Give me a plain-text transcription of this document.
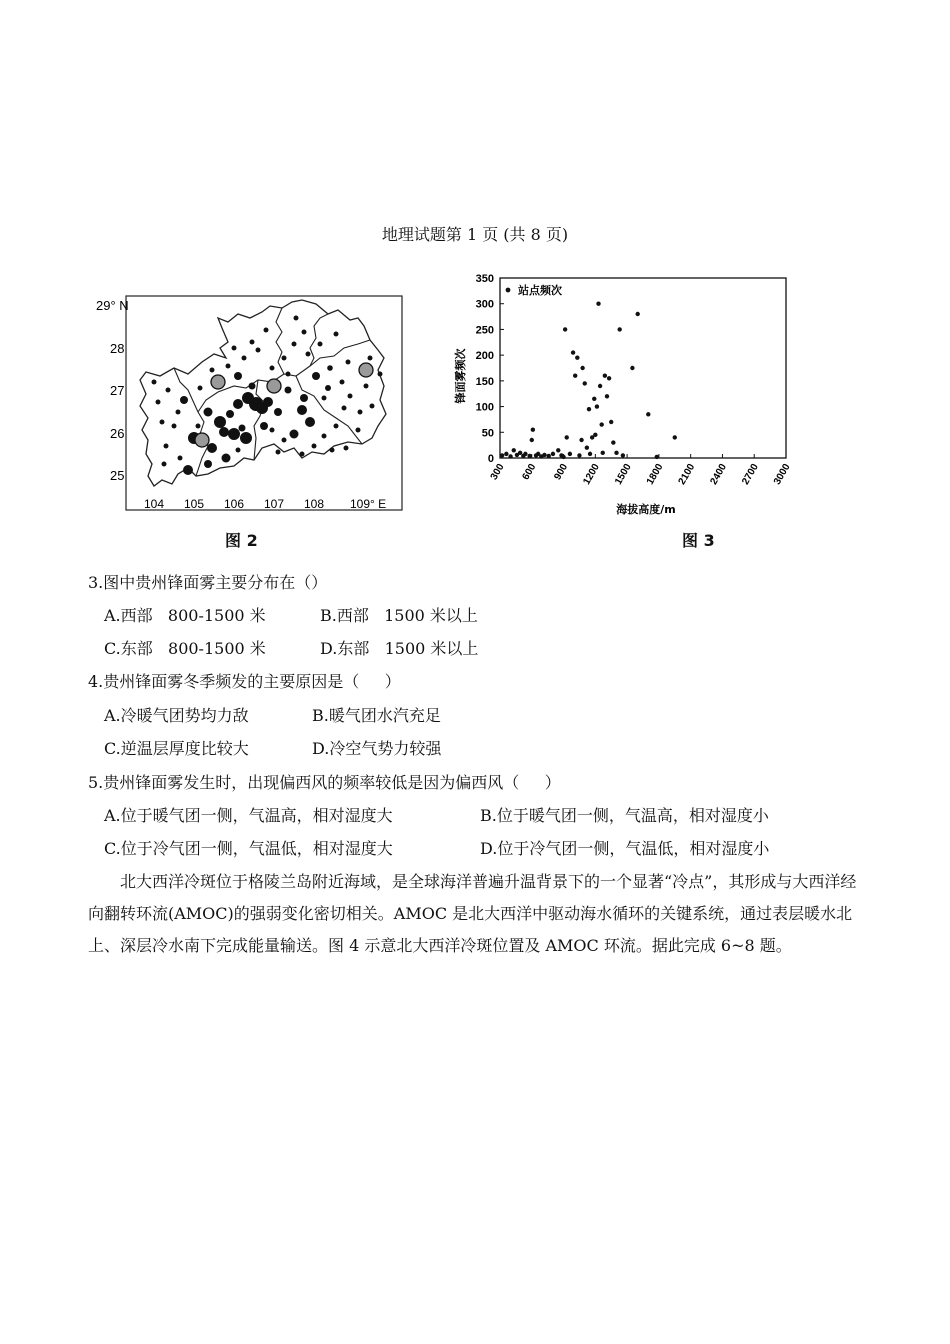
地理试题第 1 页 (共 8 页)
29° N
28
27
26
25
104 105 106 107 108 109° E
图 2
锋面雾频次
海拔高度/m
站点频次
0
50
100
150
200
250
300
350
300 600 900 1200 1500 1800 2100 2400 2700 3000
图 3
3.图中贵州锋面雾主要分布在（）
A.西部   800-1500 米	B.西部   1500 米以上
C.东部   800-1500 米	D.东部   1500 米以上
4.贵州锋面雾冬季频发的主要原因是（     ）
A.冷暖气团势均力敌	B.暖气团水汽充足
C.逆温层厚度比较大	D.冷空气势力较强
5.贵州锋面雾发生时，出现偏西风的频率较低是因为偏西风（     ）
A.位于暖气团一侧，气温高，相对湿度大	B.位于暖气团一侧，气温高，相对湿度小
C.位于冷气团一侧，气温低，相对湿度大	D.位于冷气团一侧，气温低，相对湿度小
北大西洋冷斑位于格陵兰岛附近海域，是全球海洋普遍升温背景下的一个显著“冷点”，其形成与大西洋经向翻转环流(AMOC)的强弱变化密切相关。AMOC 是北大西洋中驱动海水循环的关键系统，通过表层暖水北上、深层冷水南下完成能量输送。图 4 示意北大西洋冷斑位置及 AMOC 环流。据此完成 6~8 题。
